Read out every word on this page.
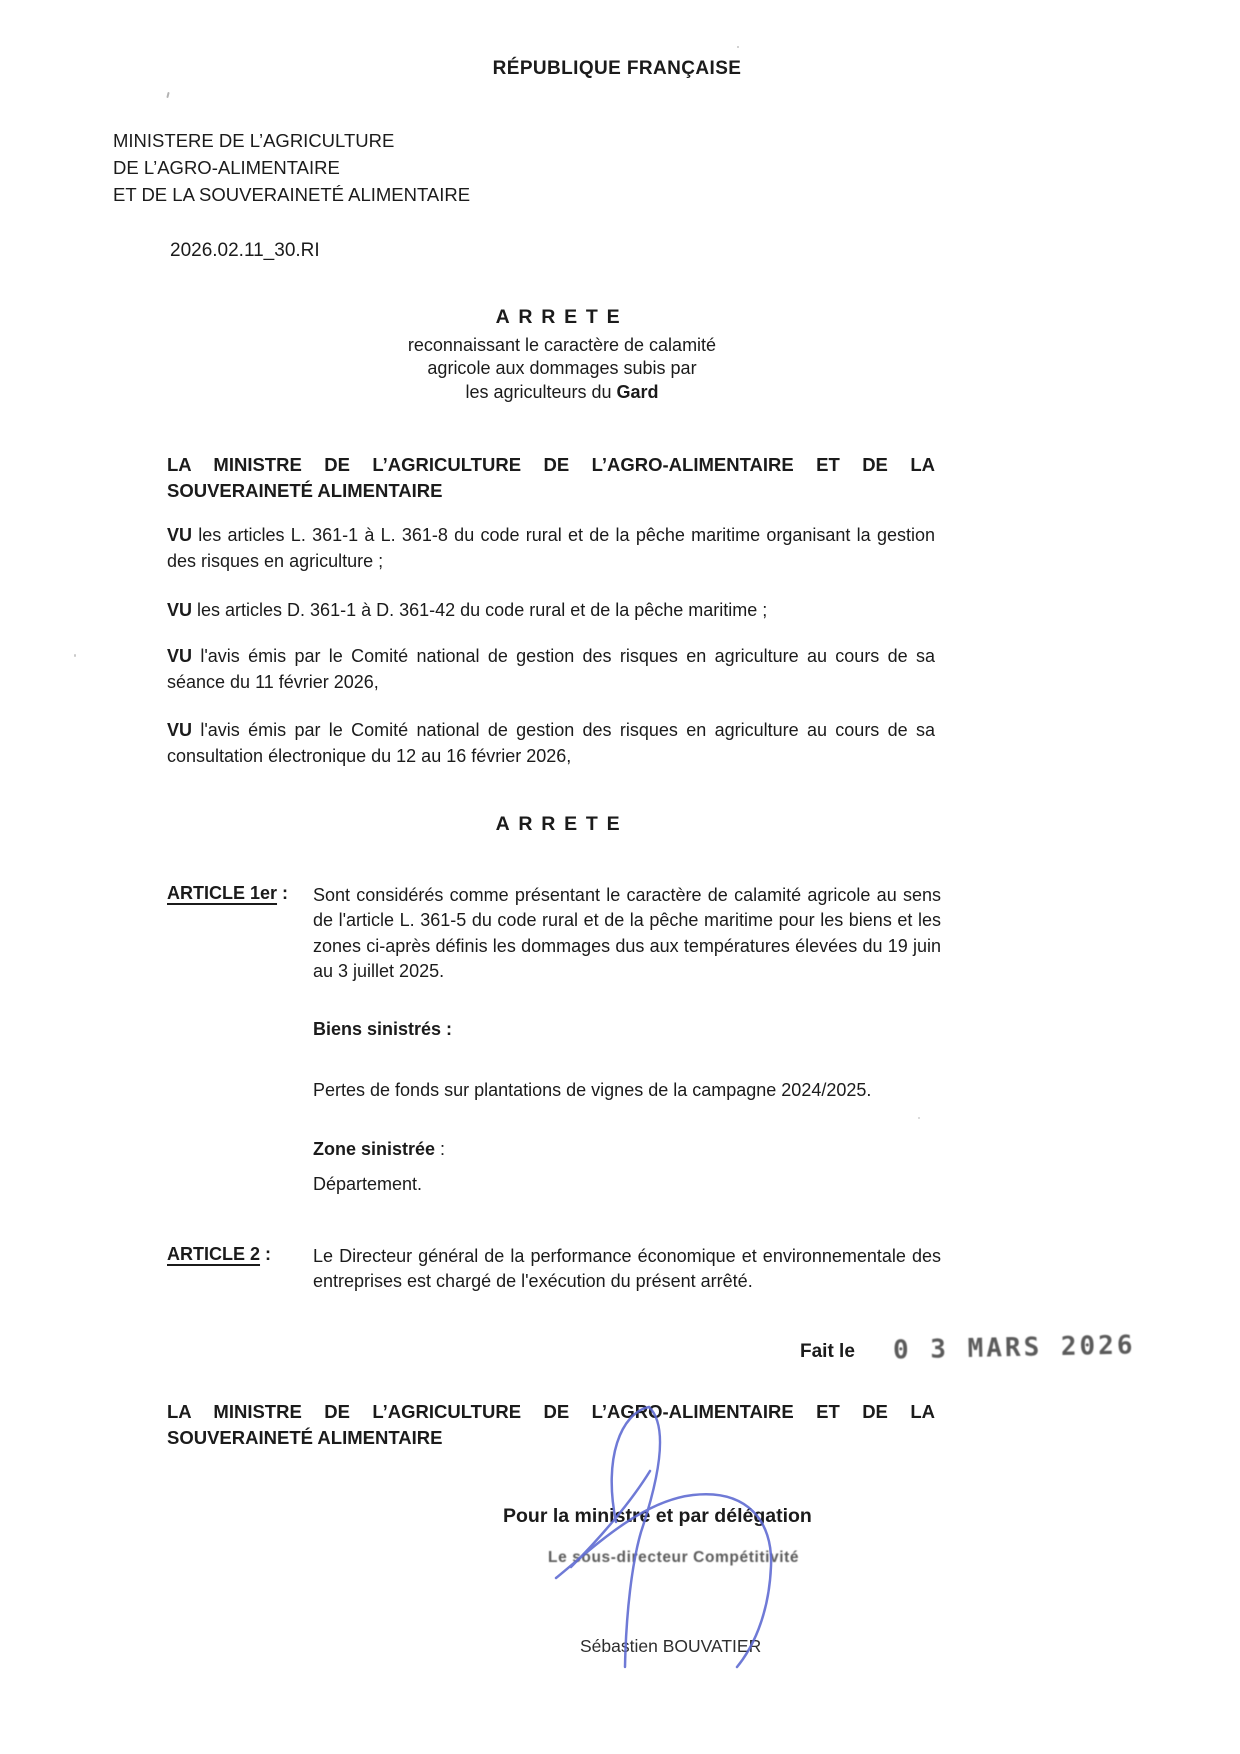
RÉPUBLIQUE FRANÇAISE
MINISTERE DE L’AGRICULTURE
DE L’AGRO-ALIMENTAIRE
ET DE LA SOUVERAINETÉ ALIMENTAIRE
2026.02.11_30.RI
ARRETE
reconnaissant le caractère de calamité
agricole aux dommages subis par
les agriculteurs du Gard
LA MINISTRE DE L’AGRICULTURE DE L’AGRO-ALIMENTAIRE ET DE LA SOUVERAINETÉ ALIMENTAIRE

VU les articles L. 361-1 à L. 361-8 du code rural et de la pêche maritime organisant la gestion des risques en agriculture ;

VU les articles D. 361-1 à D. 361-42 du code rural et de la pêche maritime ;

VU l'avis émis par le Comité national de gestion des risques en agriculture au cours de sa séance du 11 février 2026,

VU l'avis émis par le Comité national de gestion des risques en agriculture au cours de sa consultation électronique du 12 au 16 février 2026,

ARRETE
ARTICLE 1er : Sont considérés comme présentant le caractère de calamité agricole au sens de l'article L. 361-5 du code rural et de la pêche maritime pour les biens et les zones ci-après définis les dommages dus aux températures élevées du 19 juin au 3 juillet 2025.
Biens sinistrés :
Pertes de fonds sur plantations de vignes de la campagne 2024/2025.
Zone sinistrée :
Département.
ARTICLE 2 : Le Directeur général de la performance économique et environnementale des entreprises est chargé de l'exécution du présent arrêté.
Fait le 0 3 MARS 2026
LA MINISTRE DE L’AGRICULTURE DE L’AGRO-ALIMENTAIRE ET DE LA SOUVERAINETÉ ALIMENTAIRE
Pour la ministre et par délégation
Le sous-directeur Compétitivité
Sébastien BOUVATIER
